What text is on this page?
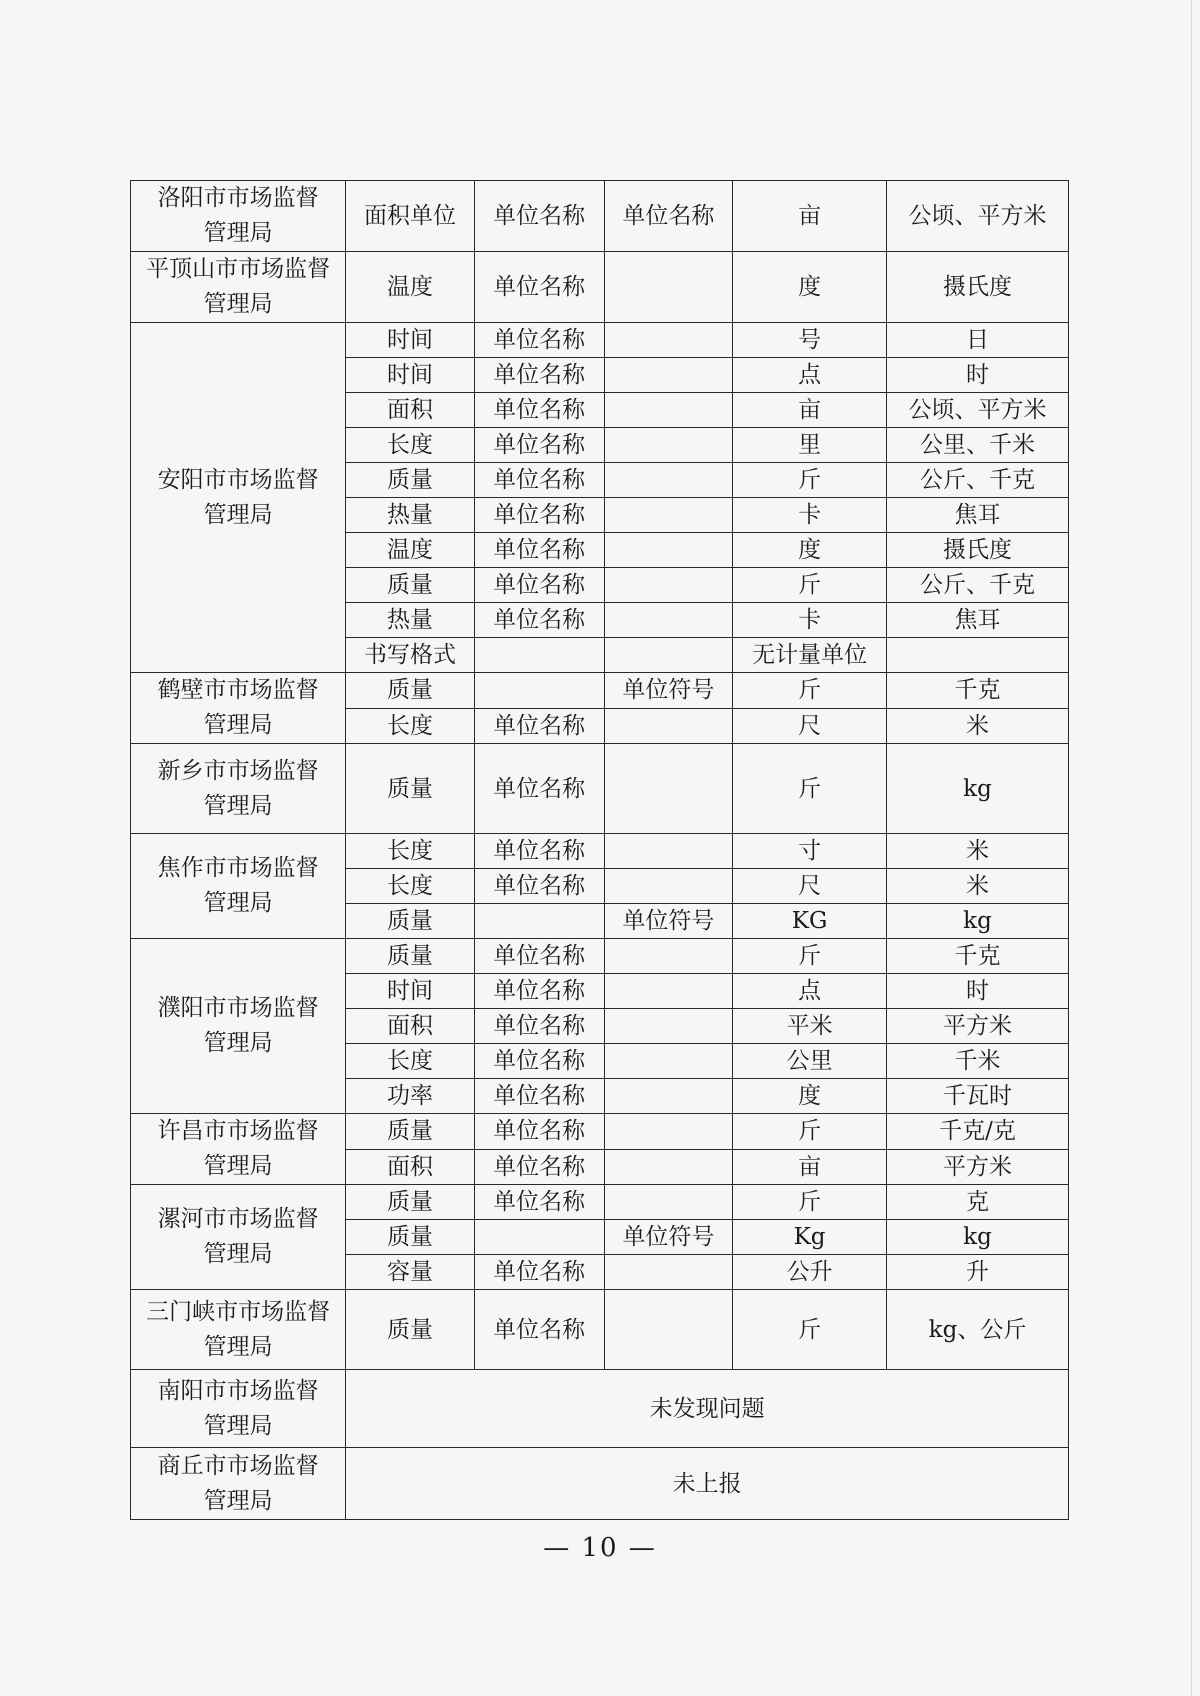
洛阳市市场监督
管理局	面积单位	单位名称	单位名称	亩	公顷、平方米

平顶山市市场监督
管理局	温度	单位名称		度	摄氏度

安阳市市场监督
管理局	时间	单位名称		号	日
	时间	单位名称		点	时
	面积	单位名称		亩	公顷、平方米
	长度	单位名称		里	公里、千米
	质量	单位名称		斤	公斤、千克
	热量	单位名称		卡	焦耳
	温度	单位名称		度	摄氏度
	质量	单位名称		斤	公斤、千克
	热量	单位名称		卡	焦耳
	书写格式			无计量单位	

鹤壁市市场监督
管理局	质量		单位符号	斤	千克
	长度	单位名称		尺	米

新乡市市场监督
管理局	质量	单位名称		斤	kg

焦作市市场监督
管理局	长度	单位名称		寸	米
	长度	单位名称		尺	米
	质量		单位符号	KG	kg

濮阳市市场监督
管理局	质量	单位名称		斤	千克
	时间	单位名称		点	时
	面积	单位名称		平米	平方米
	长度	单位名称		公里	千米
	功率	单位名称		度	千瓦时

许昌市市场监督
管理局	质量	单位名称		斤	千克/克
	面积	单位名称		亩	平方米

漯河市市场监督
管理局	质量	单位名称		斤	克
	质量		单位符号	Kg	kg
	容量	单位名称		公升	升

三门峡市市场监督
管理局	质量	单位名称		斤	kg、公斤

南阳市市场监督
管理局	未发现问题				

商丘市市场监督
管理局	未上报				
— 10 —
